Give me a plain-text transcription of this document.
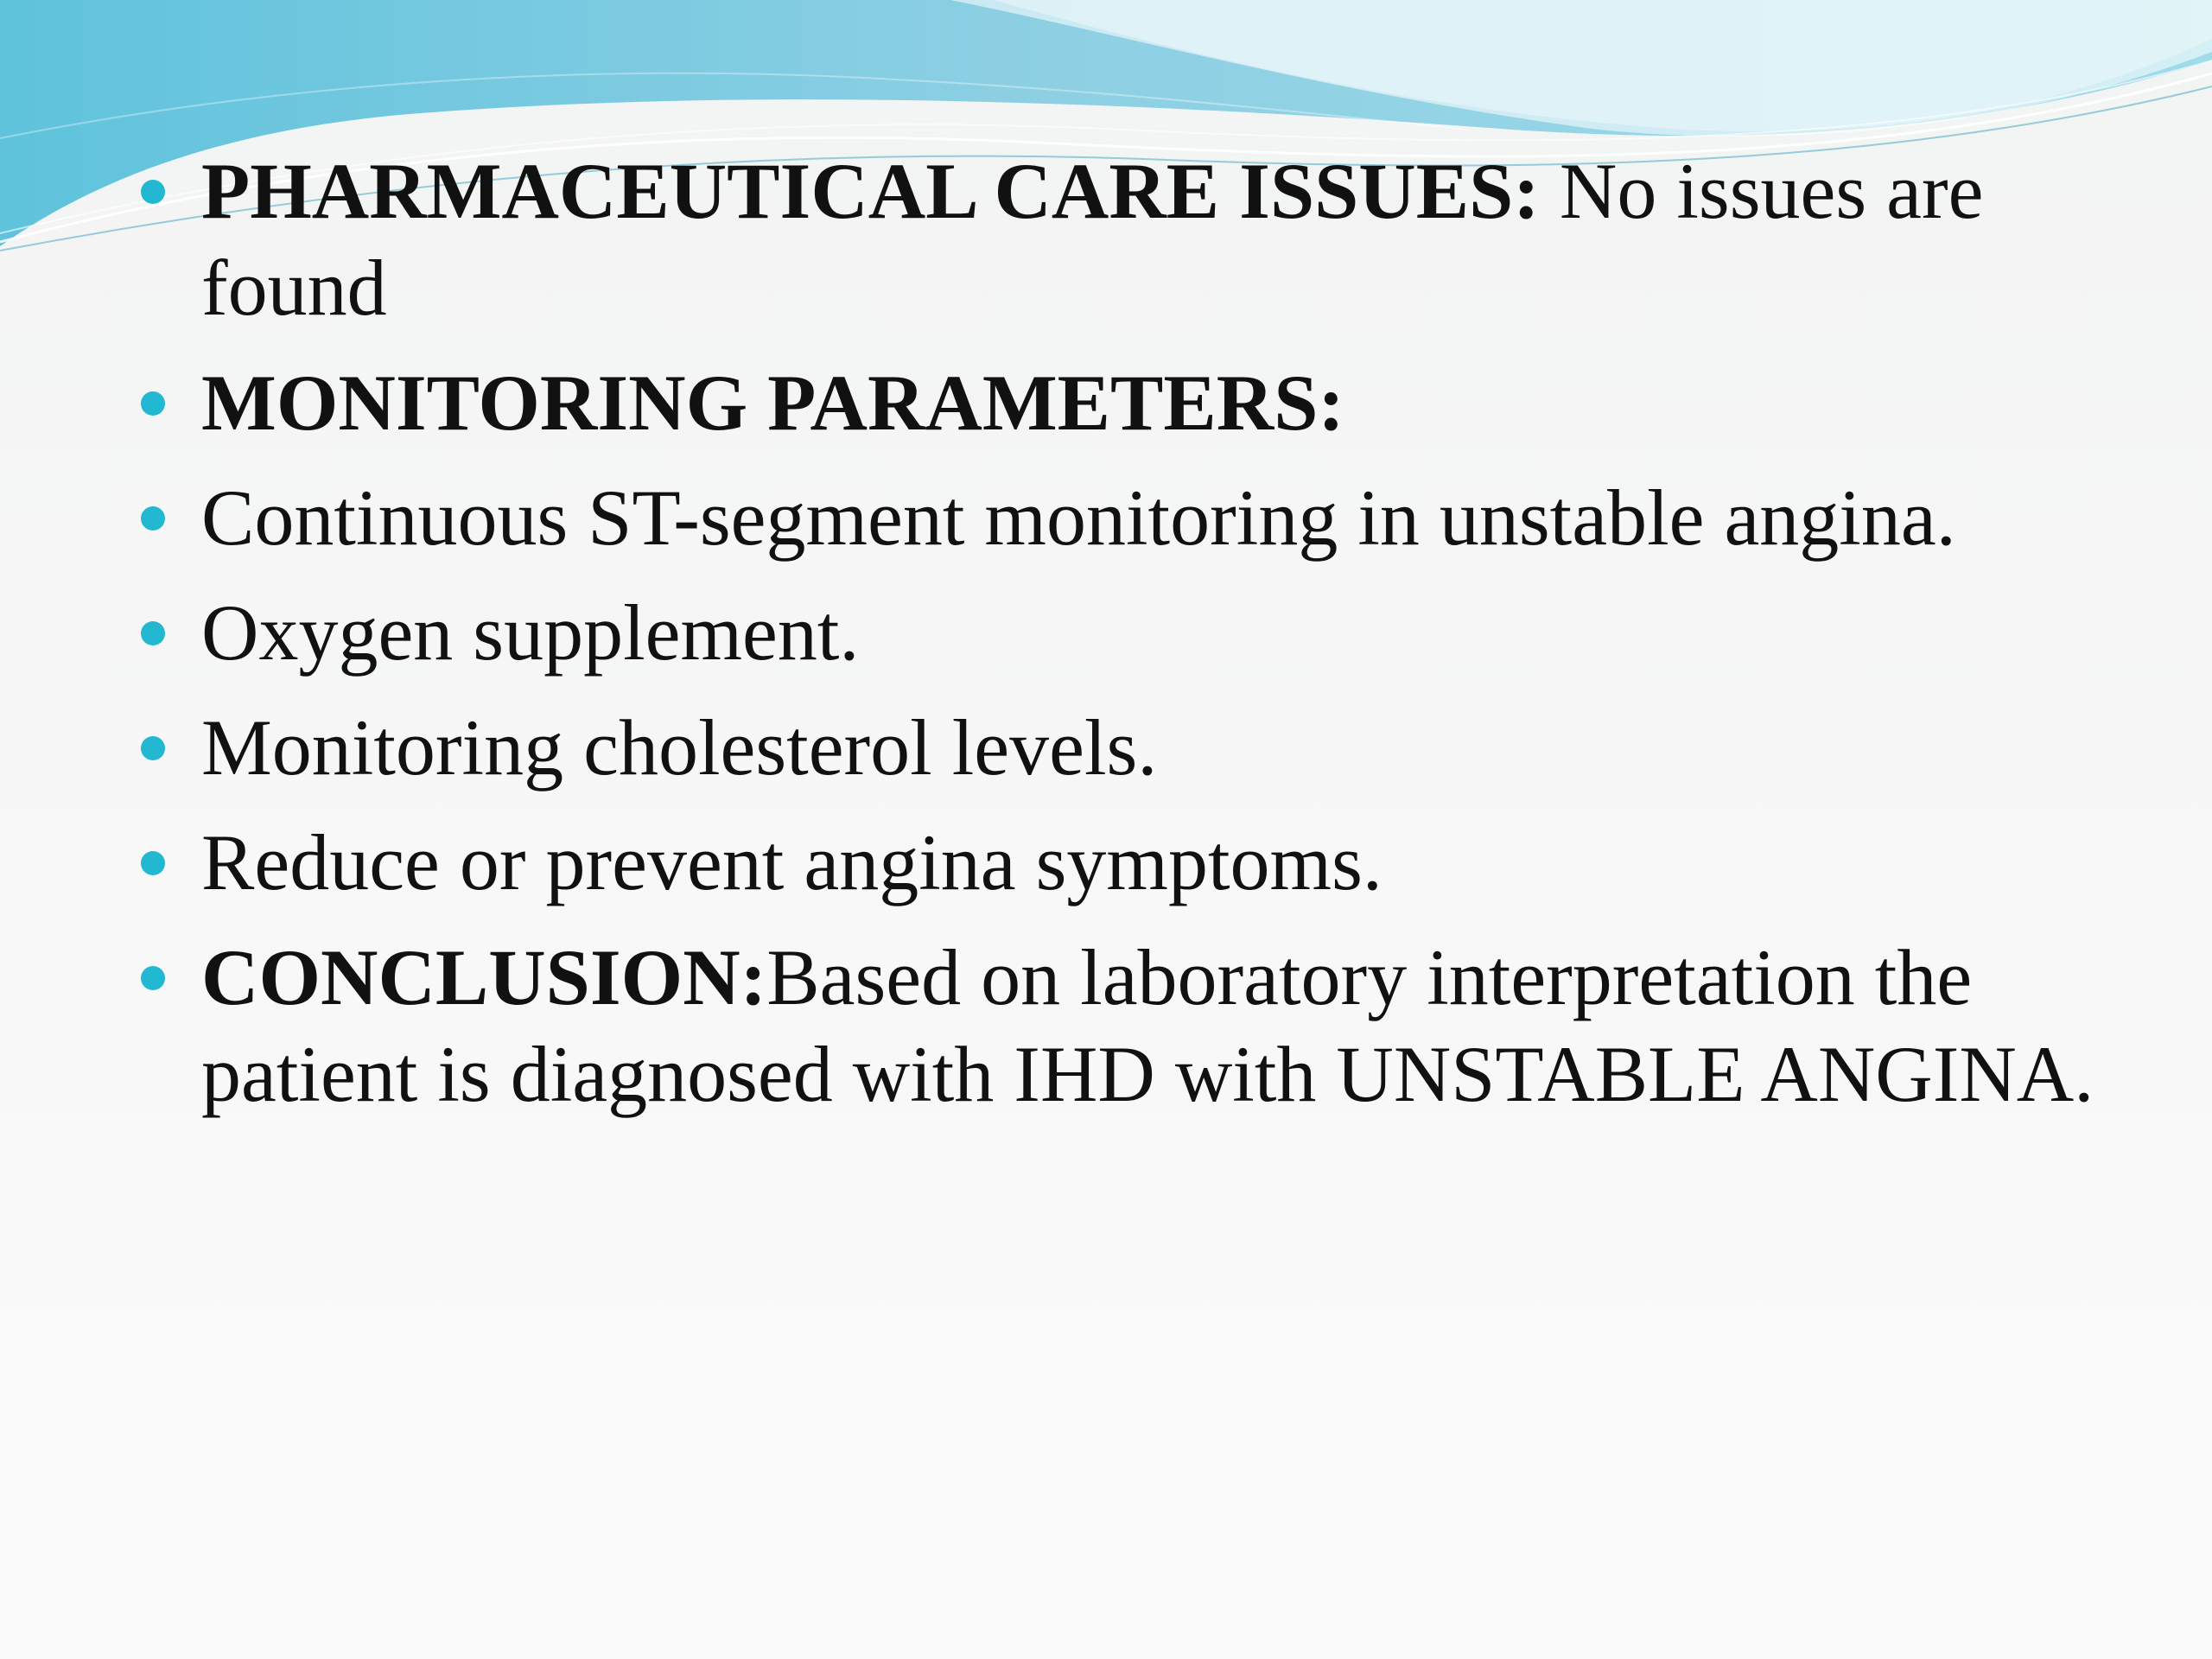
PHARMACEUTICAL CARE ISSUES: No issues are found
MONITORING PARAMETERS:
Continuous ST-segment monitoring in unstable angina.
Oxygen supplement.
Monitoring cholesterol levels.
Reduce or prevent angina symptoms.
CONCLUSION:Based on laboratory interpretation the patient is diagnosed with IHD with UNSTABLE ANGINA.
